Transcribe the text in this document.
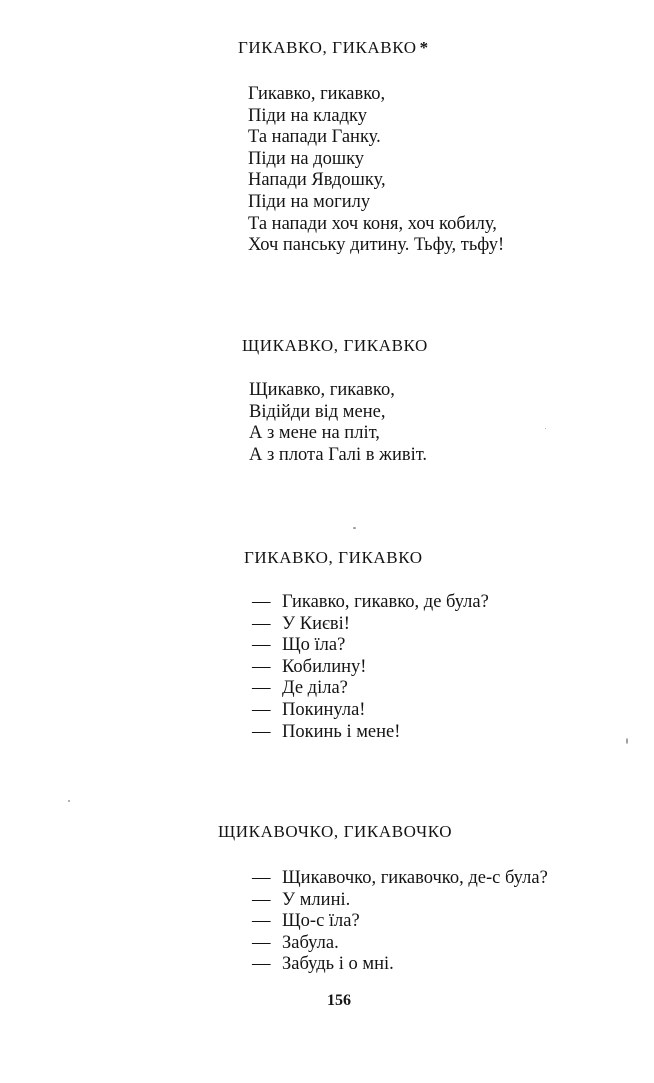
ГИКАВКО, ГИКАВКО *
Гикавко, гикавко,
Піди на кладку
Та напади Ганку.
Піди на дошку
Напади Явдошку,
Піди на могилу
Та напади хоч коня, хоч кобилу,
Хоч панську дитину. Тьфу, тьфу!
ЩИКАВКО, ГИКАВКО
Щикавко, гикавко,
Відійди від мене,
А з мене на пліт,
А з плота Галі в живіт.
ГИКАВКО, ГИКАВКО
— Гикавко, гикавко, де була?
— У Києві!
— Що їла?
— Кобилину!
— Де діла?
— Покинула!
— Покинь і мене!
ЩИКАВОЧКО, ГИКАВОЧКО
— Щикавочко, гикавочко, де-с була?
— У млині.
— Що-с їла?
— Забула.
— Забудь і о мні.
156
